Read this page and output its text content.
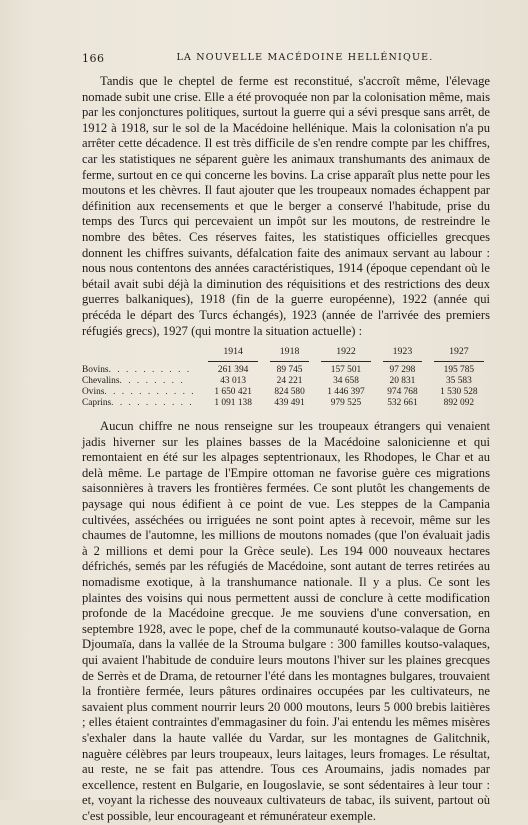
166	LA NOUVELLE MACÉDOINE HELLÉNIQUE.

Tandis que le cheptel de ferme est reconstitué, s'accroît même, l'élevage nomade subit une crise. Elle a été provoquée non par la colonisation même, mais par les conjonctures politiques, surtout la guerre qui a sévi presque sans arrêt, de 1912 à 1918, sur le sol de la Macédoine hellénique. Mais la colonisation n'a pu arrêter cette décadence. Il est très difficile de s'en rendre compte par les chiffres, car les statistiques ne séparent guère les animaux transhumants des animaux de ferme, surtout en ce qui concerne les bovins. La crise apparaît plus nette pour les moutons et les chèvres. Il faut ajouter que les troupeaux nomades échappent par définition aux recensements et que le berger a conservé l'habitude, prise du temps des Turcs qui percevaient un impôt sur les moutons, de restreindre le nombre des bêtes. Ces réserves faites, les statistiques officielles grecques donnent les chiffres suivants, défalcation faite des animaux servant au labour : nous nous contentons des années caractéristiques, 1914 (époque cependant où le bétail avait subi déjà la diminution des réquisitions et des restrictions des deux guerres balkaniques), 1918 (fin de la guerre européenne), 1922 (année qui précéda le départ des Turcs échangés), 1923 (année de l'arrivée des premiers réfugiés grecs), 1927 (qui montre la situation actuelle) :

	1914	1918	1922	1923	1927

Bovins. . . . . . . . . .	261 394	89 745	157 501	97 298	195 785
Chevalins. . . . . . . .	43 013	24 221	34 658	20 831	35 583
Ovins. . . . . . . . . . .	1 650 421	824 580	1 446 397	974 768	1 530 528
Caprins. . . . . . . . . .	1 091 138	439 491	979 525	532 661	892 092

Aucun chiffre ne nous renseigne sur les troupeaux étrangers qui venaient jadis hiverner sur les plaines basses de la Macédoine salonicienne et qui remontaient en été sur les alpages septentrionaux, les Rhodopes, le Char et au delà même. Le partage de l'Empire ottoman ne favorise guère ces migrations saisonnières à travers les frontières fermées. Ce sont plutôt les changements de paysage qui nous édifient à ce point de vue. Les steppes de la Campania cultivées, asséchées ou irriguées ne sont point aptes à recevoir, même sur les chaumes de l'automne, les millions de moutons nomades (que l'on évaluait jadis à 2 millions et demi pour la Grèce seule). Les 194 000 nouveaux hectares défrichés, semés par les réfugiés de Macédoine, sont autant de terres retirées au nomadisme exotique, à la transhumance nationale. Il y a plus. Ce sont les plaintes des voisins qui nous permettent aussi de conclure à cette modification profonde de la Macédoine grecque. Je me souviens d'une conversation, en septembre 1928, avec le pope, chef de la communauté koutso-valaque de Gorna Djoumaïa, dans la vallée de la Strouma bulgare : 300 familles koutso-valaques, qui avaient l'habitude de conduire leurs moutons l'hiver sur les plaines grecques de Serrès et de Drama, de retourner l'été dans les montagnes bulgares, trouvaient la frontière fermée, leurs pâtures ordinaires occupées par les cultivateurs, ne savaient plus comment nourrir leurs 20 000 moutons, leurs 5 000 brebis laitières ; elles étaient contraintes d'emmagasiner du foin. J'ai entendu les mêmes misères s'exhaler dans la haute vallée du Vardar, sur les montagnes de Galitchnik, naguère célèbres par leurs troupeaux, leurs laitages, leurs fromages. Le résultat, au reste, ne se fait pas attendre. Tous ces Aroumains, jadis nomades par excellence, restent en Bulgarie, en Iougoslavie, se sont sédentaires à leur tour : et, voyant la richesse des nouveaux cultivateurs de tabac, ils suivent, partout où c'est possible, leur encourageant et rémunérateur exemple.
